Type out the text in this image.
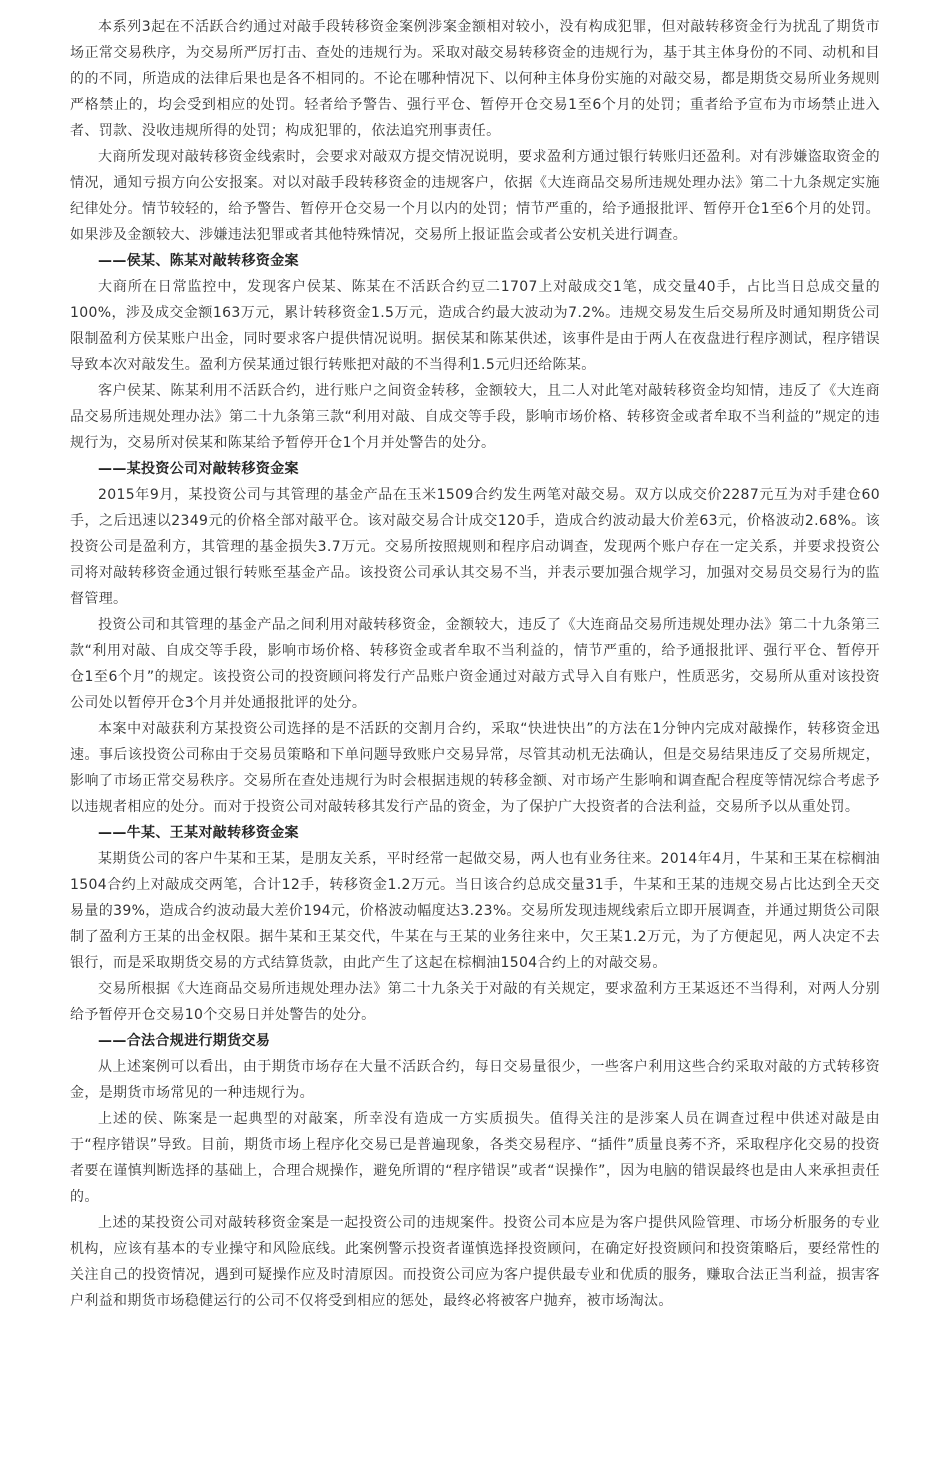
本系列3起在不活跃合约通过对敲手段转移资金案例涉案金额相对较小，没有构成犯罪，但对敲转移资金行为扰乱了期货市场正常交易秩序，为交易所严厉打击、查处的违规行为。采取对敲交易转移资金的违规行为，基于其主体身份的不同、动机和目的的不同，所造成的法律后果也是各不相同的。不论在哪种情况下、以何种主体身份实施的对敲交易，都是期货交易所业务规则严格禁止的，均会受到相应的处罚。轻者给予警告、强行平仓、暂停开仓交易1至6个月的处罚；重者给予宣布为市场禁止进入者、罚款、没收违规所得的处罚；构成犯罪的，依法追究刑事责任。

大商所发现对敲转移资金线索时，会要求对敲双方提交情况说明，要求盈利方通过银行转账归还盈利。对有涉嫌盗取资金的情况，通知亏损方向公安报案。对以对敲手段转移资金的违规客户，依据《大连商品交易所违规处理办法》第二十九条规定实施纪律处分。情节较轻的，给予警告、暂停开仓交易一个月以内的处罚；情节严重的，给予通报批评、暂停开仓1至6个月的处罚。如果涉及金额较大、涉嫌违法犯罪或者其他特殊情况，交易所上报证监会或者公安机关进行调查。

——侯某、陈某对敲转移资金案

大商所在日常监控中，发现客户侯某、陈某在不活跃合约豆二1707上对敲成交1笔，成交量40手，占比当日总成交量的100%，涉及成交金额163万元，累计转移资金1.5万元，造成合约最大波动为7.2%。违规交易发生后交易所及时通知期货公司限制盈利方侯某账户出金，同时要求客户提供情况说明。据侯某和陈某供述，该事件是由于两人在夜盘进行程序测试，程序错误导致本次对敲发生。盈利方侯某通过银行转账把对敲的不当得利1.5元归还给陈某。

客户侯某、陈某利用不活跃合约，进行账户之间资金转移，金额较大，且二人对此笔对敲转移资金均知情，违反了《大连商品交易所违规处理办法》第二十九条第三款“利用对敲、自成交等手段，影响市场价格、转移资金或者牟取不当利益的”规定的违规行为，交易所对侯某和陈某给予暂停开仓1个月并处警告的处分。

——某投资公司对敲转移资金案

2015年9月，某投资公司与其管理的基金产品在玉米1509合约发生两笔对敲交易。双方以成交价2287元互为对手建仓60手，之后迅速以2349元的价格全部对敲平仓。该对敲交易合计成交120手，造成合约波动最大价差63元，价格波动2.68%。该投资公司是盈利方，其管理的基金损失3.7万元。交易所按照规则和程序启动调查，发现两个账户存在一定关系，并要求投资公司将对敲转移资金通过银行转账至基金产品。该投资公司承认其交易不当，并表示要加强合规学习，加强对交易员交易行为的监督管理。

投资公司和其管理的基金产品之间利用对敲转移资金，金额较大，违反了《大连商品交易所违规处理办法》第二十九条第三款“利用对敲、自成交等手段，影响市场价格、转移资金或者牟取不当利益的，情节严重的，给予通报批评、强行平仓、暂停开仓1至6个月”的规定。该投资公司的投资顾问将发行产品账户资金通过对敲方式导入自有账户，性质恶劣，交易所从重对该投资公司处以暂停开仓3个月并处通报批评的处分。

本案中对敲获利方某投资公司选择的是不活跃的交割月合约，采取“快进快出”的方法在1分钟内完成对敲操作，转移资金迅速。事后该投资公司称由于交易员策略和下单问题导致账户交易异常，尽管其动机无法确认，但是交易结果违反了交易所规定，影响了市场正常交易秩序。交易所在查处违规行为时会根据违规的转移金额、对市场产生影响和调查配合程度等情况综合考虑予以违规者相应的处分。而对于投资公司对敲转移其发行产品的资金，为了保护广大投资者的合法利益，交易所予以从重处罚。

——牛某、王某对敲转移资金案

某期货公司的客户牛某和王某，是朋友关系，平时经常一起做交易，两人也有业务往来。2014年4月，牛某和王某在棕榈油1504合约上对敲成交两笔，合计12手，转移资金1.2万元。当日该合约总成交量31手，牛某和王某的违规交易占比达到全天交易量的39%，造成合约波动最大差价194元，价格波动幅度达3.23%。交易所发现违规线索后立即开展调查，并通过期货公司限制了盈利方王某的出金权限。据牛某和王某交代，牛某在与王某的业务往来中，欠王某1.2万元，为了方便起见，两人决定不去银行，而是采取期货交易的方式结算货款，由此产生了这起在棕榈油1504合约上的对敲交易。

交易所根据《大连商品交易所违规处理办法》第二十九条关于对敲的有关规定，要求盈利方王某返还不当得利，对两人分别给予暂停开仓交易10个交易日并处警告的处分。

——合法合规进行期货交易

从上述案例可以看出，由于期货市场存在大量不活跃合约，每日交易量很少，一些客户利用这些合约采取对敲的方式转移资金，是期货市场常见的一种违规行为。

上述的侯、陈案是一起典型的对敲案，所幸没有造成一方实质损失。值得关注的是涉案人员在调查过程中供述对敲是由于“程序错误”导致。目前，期货市场上程序化交易已是普遍现象，各类交易程序、“插件”质量良莠不齐，采取程序化交易的投资者要在谨慎判断选择的基础上，合理合规操作，避免所谓的“程序错误”或者“误操作”，因为电脑的错误最终也是由人来承担责任的。

上述的某投资公司对敲转移资金案是一起投资公司的违规案件。投资公司本应是为客户提供风险管理、市场分析服务的专业机构，应该有基本的专业操守和风险底线。此案例警示投资者谨慎选择投资顾问，在确定好投资顾问和投资策略后，要经常性的关注自己的投资情况，遇到可疑操作应及时清原因。而投资公司应为客户提供最专业和优质的服务，赚取合法正当利益，损害客户利益和期货市场稳健运行的公司不仅将受到相应的惩处，最终必将被客户抛弃，被市场淘汰。
